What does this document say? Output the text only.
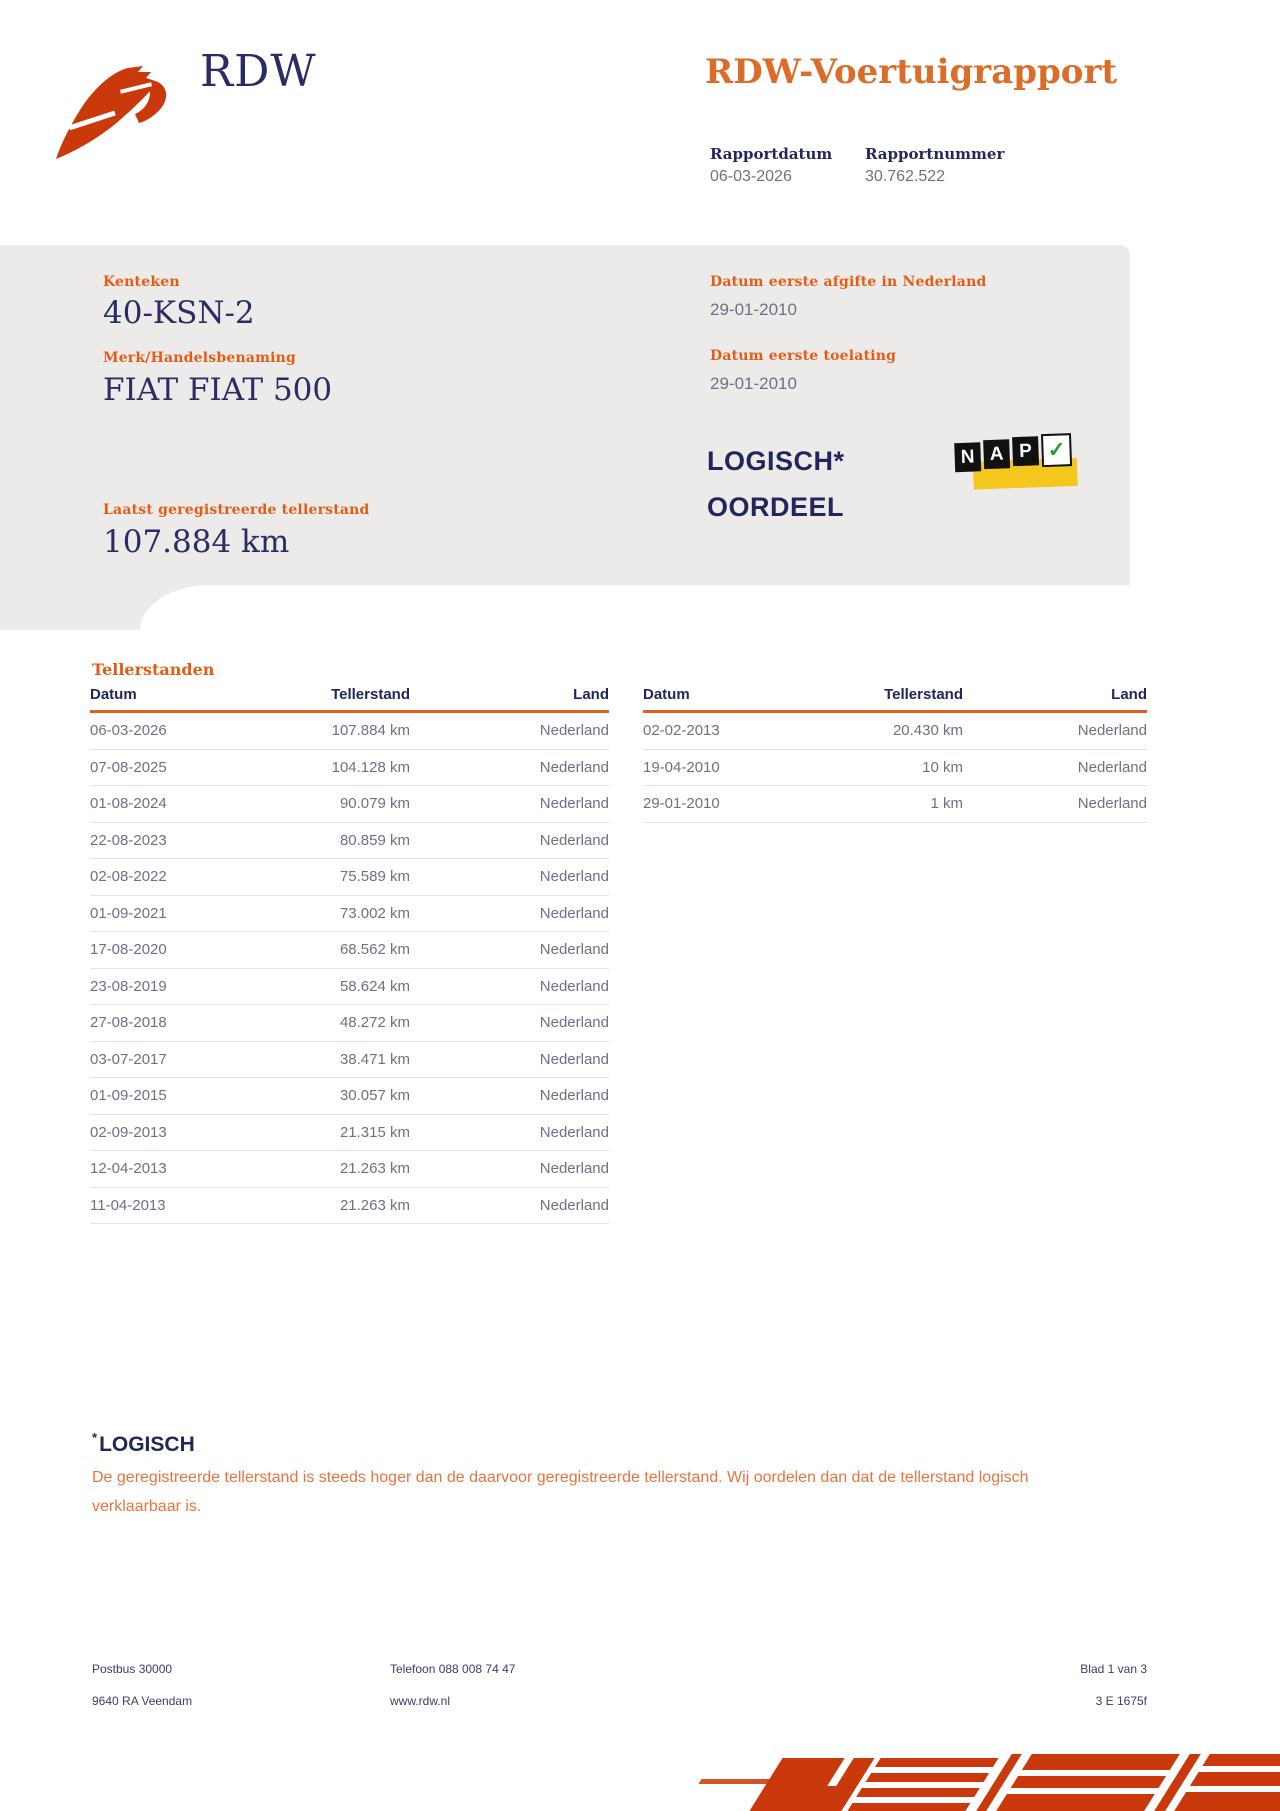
RDW	RDW-Voertuigrapport
Rapportdatum Rapportnummer
06-03-2026	30.762.522
Kenteken
40-KSN-2
Merk/Handelsbenaming
FIAT FIAT 500
Laatst geregistreerde tellerstand
107.884 km
Datum eerste afgifte in Nederland
29-01-2010
Datum eerste toelating
29-01-2010
LOGISCH*
OORDEEL
N A P ✓
Tellerstanden
Datum	Tellerstand	Land
06-03-2026	107.884 km	Nederland
07-08-2025	104.128 km	Nederland
01-08-2024	90.079 km	Nederland
22-08-2023	80.859 km	Nederland
02-08-2022	75.589 km	Nederland
01-09-2021	73.002 km	Nederland
17-08-2020	68.562 km	Nederland
23-08-2019	58.624 km	Nederland
27-08-2018	48.272 km	Nederland
03-07-2017	38.471 km	Nederland
01-09-2015	30.057 km	Nederland
02-09-2013	21.315 km	Nederland
12-04-2013	21.263 km	Nederland
11-04-2013	21.263 km	Nederland
Datum	Tellerstand	Land
02-02-2013	20.430 km	Nederland
19-04-2010	10 km	Nederland
29-01-2010	1 km	Nederland
*LOGISCH
De geregistreerde tellerstand is steeds hoger dan de daarvoor geregistreerde tellerstand. Wij oordelen dan dat de tellerstand logisch verklaarbaar is.
Postbus 30000
9640 RA Veendam
Telefoon 088 008 74 47
www.rdw.nl
Blad 1 van 3
3 E 1675f
